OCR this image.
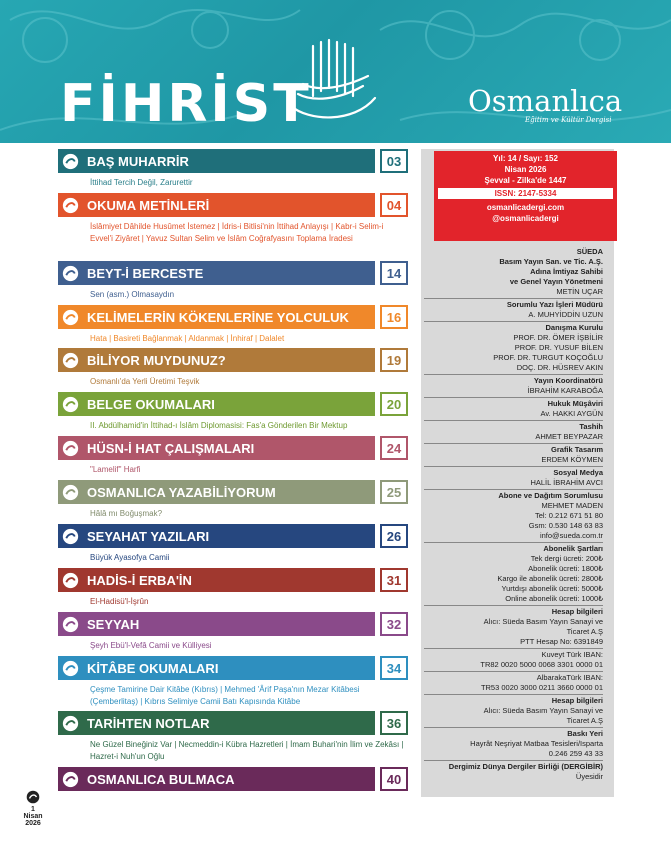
FİHRİST	Osmanlıca
Eğitim ve Kültür Dergisi
BAŞ MUHARRİR	03
İttihad Tercih Değil, Zarurettir
OKUMA METİNLERİ	04
İslâmiyet Dâhilde Husûmet İstemez | İdris-i Bitlisi'nin İttihad Anlayışı | Kabr-i Selim-i Evvel'i Ziyâret | Yavuz Sultan Selim ve İslâm Coğrafyasını Toplama İradesi
BEYT-İ BERCESTE	14
Sen (asm.) Olmasaydın
KELİMELERİN KÖKENLERİNE YOLCULUK	16
Hata | Basireti Bağlanmak | Aldanmak | İnhiraf | Dalalet
BİLİYOR MUYDUNUZ?	19
Osmanlı'da Yerli Üretimi Teşvik
BELGE OKUMALARI	20
II. Abdülhamid'in İttihad-ı İslâm Diplomasisi: Fas'a Gönderilen Bir Mektup
HÜSN-İ HAT ÇALIŞMALARI	24
"Lamelif" Harfi
OSMANLICA YAZABİLİYORUM	25
Hâlâ mı Boğuşmak?
SEYAHAT YAZILARI	26
Büyük Ayasofya Camii
HADİS-İ ERBA'İN	31
El-Hadisü'l-İşrûn
SEYYAH	32
Şeyh Ebü'l-Vefâ Camii ve Külliyesi
KİTÂBE OKUMALARI	34
Çeşme Tamirine Dair Kitâbe (Kıbrıs) | Mehmed 'Ârif Paşa'nın Mezar Kitâbesi (Çemberlitaş) | Kıbrıs Selimiye Camii Batı Kapısında Kitâbe
TARİHTEN NOTLAR	36
Ne Güzel Bineğiniz Var | Necmeddin-i Kübra Hazretleri | İmam Buhari'nin İlim ve Zekâsı | Hazret-i Nuh'un Oğlu
OSMANLICA BULMACA	40
Yıl: 14 / Sayı: 152
Nisan 2026
Şevval - Zilka'de 1447
ISSN: 2147-5334
osmanlicadergi.com
@osmanlicadergi
SÜEDA
Basım Yayın San. ve Tic. A.Ş.
Adına İmtiyaz Sahibi
ve Genel Yayın Yönetmeni
METİN UÇAR
Sorumlu Yazı İşleri Müdürü
A. MUHYİDDİN UZUN
Danışma Kurulu
PROF. DR. ÖMER İŞBİLİR
PROF. DR. YUSUF BİLEN
PROF. DR. TURGUT KOÇOĞLU
DOÇ. DR. HÜSREV AKIN
Yayın Koordinatörü
İBRAHİM KARABOĞA
Hukuk Müşâviri
Av. HAKKI AYGÜN
Tashih
AHMET BEYPAZAR
Grafik Tasarım
ERDEM KÖYMEN
Sosyal Medya
HALİL İBRAHİM AVCI
Abone ve Dağıtım Sorumlusu
MEHMET MADEN
Tel: 0.212 671 51 80
Gsm: 0.530 148 63 83
info@sueda.com.tr
Abonelik Şartları
Tek dergi ücreti: 200₺
Abonelik ücreti: 1800₺
Kargo ile abonelik ücreti: 2800₺
Yurtdışı abonelik ücreti: 5000₺
Online abonelik ücreti: 1000₺
Hesap bilgileri
Alıcı: Süeda Basım Yayın Sanayi ve
Ticaret A.Ş
PTT Hesap No: 6391849
Kuveyt Türk IBAN:
TR82 0020 5000 0068 3301 0000 01
AlbarakaTürk IBAN:
TR53 0020 3000 0211 3660 0000 01
Hesap bilgileri
Alıcı: Süeda Basım Yayın Sanayi ve
Ticaret A.Ş
Baskı Yeri
Hayrât Neşriyat Matbaa Tesisleri/Isparta
0.246 259 43 33
Dergimiz Dünya Dergiler Birliği (DERGİBİR)
Üyesidir
1
Nisan
2026
